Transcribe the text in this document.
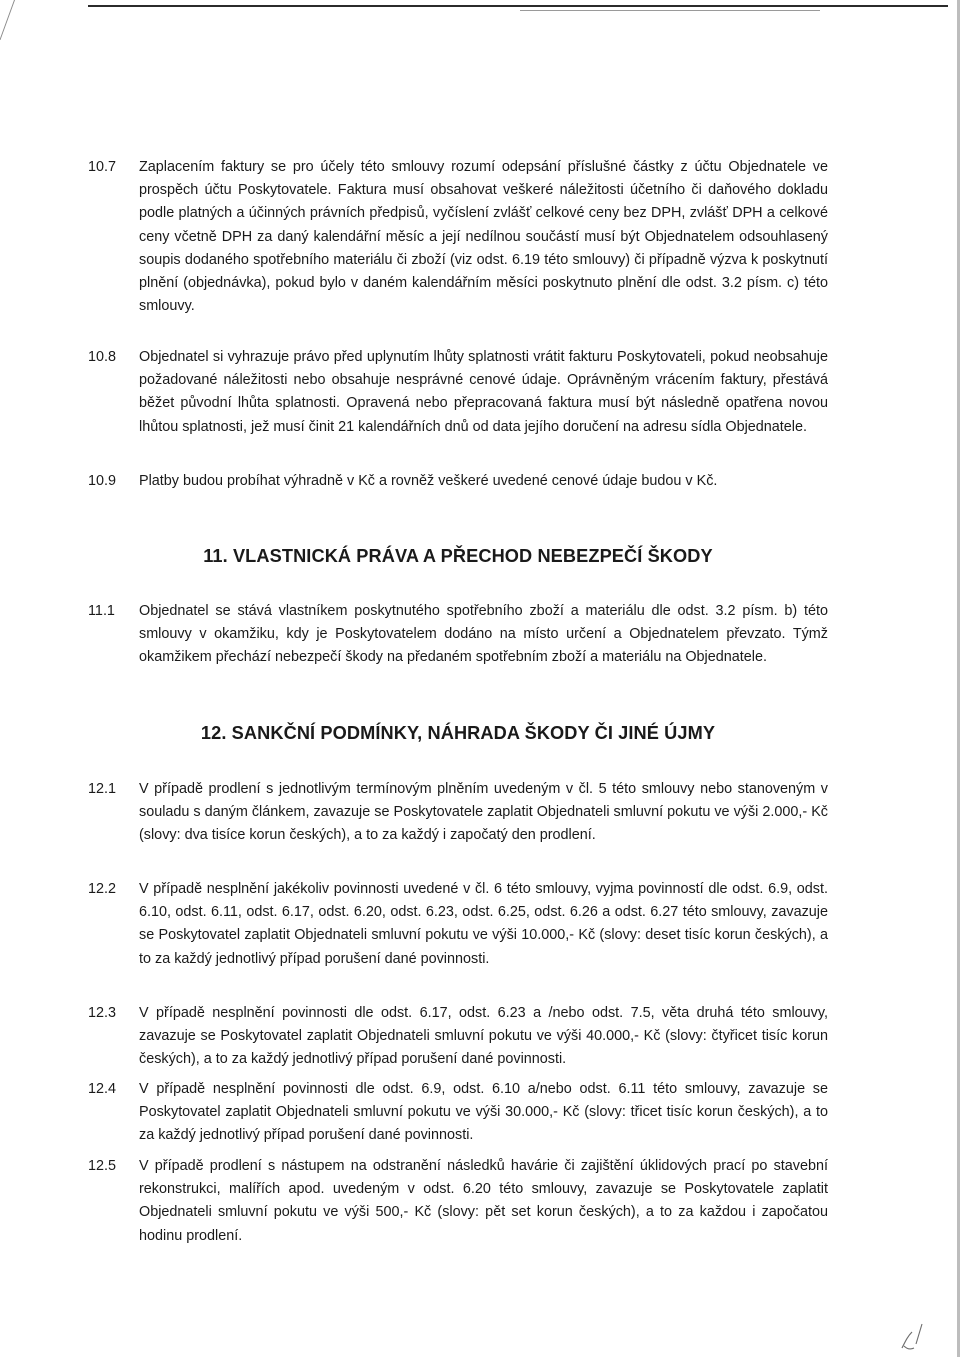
10.7	Zaplacením faktury se pro účely této smlouvy rozumí odepsání příslušné částky z účtu Objednatele ve prospěch účtu Poskytovatele. Faktura musí obsahovat veškeré náležitosti účetního či daňového dokladu podle platných a účinných právních předpisů, vyčíslení zvlášť celkové ceny bez DPH, zvlášť DPH a celkové ceny včetně DPH za daný kalendářní měsíc a její nedílnou součástí musí být Objednatelem odsouhlasený soupis dodaného spotřebního materiálu či zboží (viz odst. 6.19 této smlouvy) či případně výzva k poskytnutí plnění (objednávka), pokud bylo v daném kalendářním měsíci poskytnuto plnění dle odst. 3.2 písm. c) této smlouvy.
10.8	Objednatel si vyhrazuje právo před uplynutím lhůty splatnosti vrátit fakturu Poskytovateli, pokud neobsahuje požadované náležitosti nebo obsahuje nesprávné cenové údaje. Oprávněným vrácením faktury, přestává běžet původní lhůta splatnosti. Opravená nebo přepracovaná faktura musí být následně opatřena novou lhůtou splatnosti, jež musí činit 21 kalendářních dnů od data jejího doručení na adresu sídla Objednatele.
10.9	Platby budou probíhat výhradně v Kč a rovněž veškeré uvedené cenové údaje budou v Kč.
11. VLASTNICKÁ PRÁVA A PŘECHOD NEBEZPEČÍ ŠKODY
11.1	Objednatel se stává vlastníkem poskytnutého spotřebního zboží a materiálu dle odst. 3.2 písm. b) této smlouvy v okamžiku, kdy je Poskytovatelem dodáno na místo určení a Objednatelem převzato. Týmž okamžikem přechází nebezpečí škody na předaném spotřebním zboží a materiálu na Objednatele.
12. SANKČNÍ PODMÍNKY, NÁHRADA ŠKODY ČI JINÉ ÚJMY
12.1	V případě prodlení s jednotlivým termínovým plněním uvedeným v čl. 5 této smlouvy nebo stanoveným v souladu s daným článkem, zavazuje se Poskytovatele zaplatit Objednateli smluvní pokutu ve výši 2.000,- Kč (slovy: dva tisíce korun českých), a to za každý i započatý den prodlení.
12.2	V případě nesplnění jakékoliv povinnosti uvedené v čl. 6 této smlouvy, vyjma povinností dle odst. 6.9, odst. 6.10, odst. 6.11, odst. 6.17, odst. 6.20, odst. 6.23, odst. 6.25, odst. 6.26 a odst. 6.27 této smlouvy, zavazuje se Poskytovatel zaplatit Objednateli smluvní pokutu ve výši 10.000,- Kč (slovy: deset tisíc korun českých), a to za každý jednotlivý případ porušení dané povinnosti.
12.3	V případě nesplnění povinnosti dle odst. 6.17, odst. 6.23 a /nebo odst. 7.5, věta druhá této smlouvy, zavazuje se Poskytovatel zaplatit Objednateli smluvní pokutu ve výši 40.000,- Kč (slovy: čtyřicet tisíc korun českých), a to za každý jednotlivý případ porušení dané povinnosti.
12.4	V případě nesplnění povinnosti dle odst. 6.9, odst. 6.10 a/nebo odst. 6.11 této smlouvy, zavazuje se Poskytovatel zaplatit Objednateli smluvní pokutu ve výši 30.000,- Kč (slovy: třicet tisíc korun českých), a to za každý jednotlivý případ porušení dané povinnosti.
12.5	V případě prodlení s nástupem na odstranění následků havárie či zajištění úklidových prací po stavební rekonstrukci, malířích apod. uvedeným v odst. 6.20 této smlouvy, zavazuje se Poskytovatele zaplatit Objednateli smluvní pokutu ve výši 500,- Kč (slovy: pět set korun českých), a to za každou i započatou hodinu prodlení.
